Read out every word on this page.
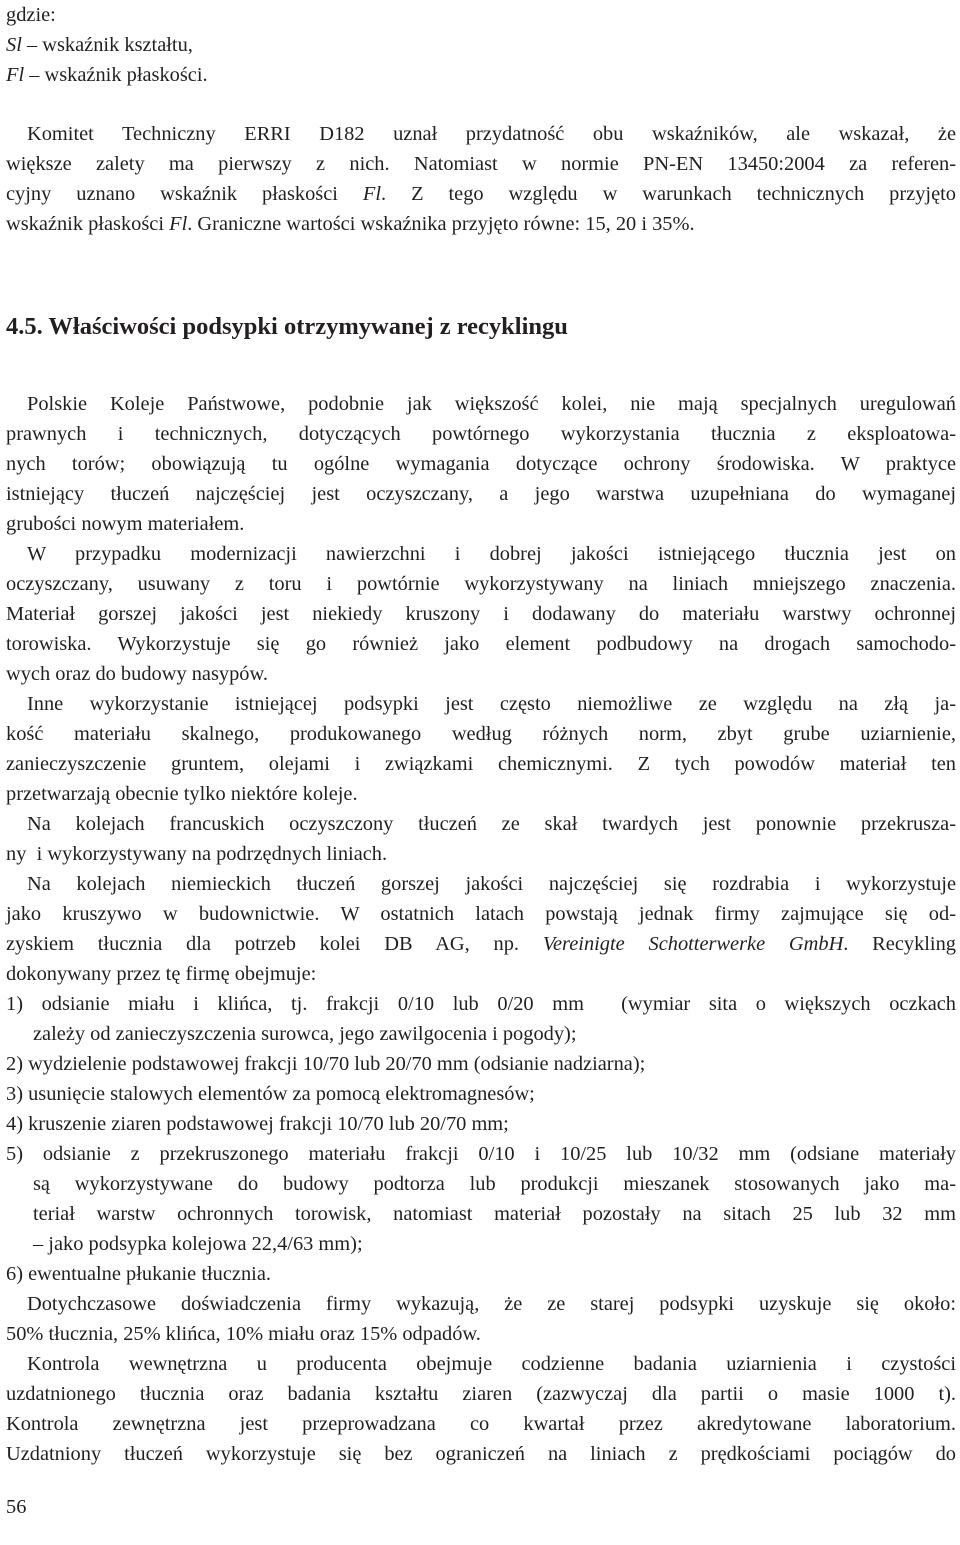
gdzie:
Sl – wskaźnik kształtu,
Fl – wskaźnik płaskości.
Komitet Techniczny ERRI D182 uznał przydatność obu wskaźników, ale wskazał, że
większe zalety ma pierwszy z nich. Natomiast w normie PN-EN 13450:2004 za referen-
cyjny uznano wskaźnik płaskości Fl. Z tego względu w warunkach technicznych przyjęto
wskaźnik płaskości Fl. Graniczne wartości wskaźnika przyjęto równe: 15, 20 i 35%.
4.5. Właściwości podsypki otrzymywanej z recyklingu
Polskie Koleje Państwowe, podobnie jak większość kolei, nie mają specjalnych uregulowań
prawnych i technicznych, dotyczących powtórnego wykorzystania tłucznia z eksploatowa-
nych torów; obowiązują tu ogólne wymagania dotyczące ochrony środowiska. W praktyce
istniejący tłuczeń najczęściej jest oczyszczany, a jego warstwa uzupełniana do wymaganej
grubości nowym materiałem.
W przypadku modernizacji nawierzchni i dobrej jakości istniejącego tłucznia jest on
oczyszczany, usuwany z toru i powtórnie wykorzystywany na liniach mniejszego znaczenia.
Materiał gorszej jakości jest niekiedy kruszony i dodawany do materiału warstwy ochronnej
torowiska. Wykorzystuje się go również jako element podbudowy na drogach samochodo-
wych oraz do budowy nasypów.
Inne wykorzystanie istniejącej podsypki jest często niemożliwe ze względu na złą ja-
kość materiału skalnego, produkowanego według różnych norm, zbyt grube uziarnienie,
zanieczyszczenie gruntem, olejami i związkami chemicznymi. Z tych powodów materiał ten
przetwarzają obecnie tylko niektóre koleje.
Na kolejach francuskich oczyszczony tłuczeń ze skał twardych jest ponownie przekrusza-
ny  i wykorzystywany na podrzędnych liniach.
Na kolejach niemieckich tłuczeń gorszej jakości najczęściej się rozdrabia i wykorzystuje
jako kruszywo w budownictwie. W ostatnich latach powstają jednak firmy zajmujące się od-
zyskiem tłucznia dla potrzeb kolei DB AG, np. Vereinigte Schotterwerke GmbH. Recykling
dokonywany przez tę firmę obejmuje:
1) odsianie miału i klińca, tj. frakcji 0/10 lub 0/20 mm  (wymiar sita o większych oczkach
zależy od zanieczyszczenia surowca, jego zawilgocenia i pogody);
2) wydzielenie podstawowej frakcji 10/70 lub 20/70 mm (odsianie nadziarna);
3) usunięcie stalowych elementów za pomocą elektromagnesów;
4) kruszenie ziaren podstawowej frakcji 10/70 lub 20/70 mm;
5) odsianie z przekruszonego materiału frakcji 0/10 i 10/25 lub 10/32 mm (odsiane materiały
są wykorzystywane do budowy podtorza lub produkcji mieszanek stosowanych jako ma-
teriał warstw ochronnych torowisk, natomiast materiał pozostały na sitach 25 lub 32 mm
– jako podsypka kolejowa 22,4/63 mm);
6) ewentualne płukanie tłucznia.
Dotychczasowe doświadczenia firmy wykazują, że ze starej podsypki uzyskuje się około:
50% tłucznia, 25% klińca, 10% miału oraz 15% odpadów.
Kontrola wewnętrzna u producenta obejmuje codzienne badania uziarnienia i czystości
uzdatnionego tłucznia oraz badania kształtu ziaren (zazwyczaj dla partii o masie 1000 t).
Kontrola zewnętrzna jest przeprowadzana co kwartał przez akredytowane laboratorium.
Uzdatniony tłuczeń wykorzystuje się bez ograniczeń na liniach z prędkościami pociągów do
56
